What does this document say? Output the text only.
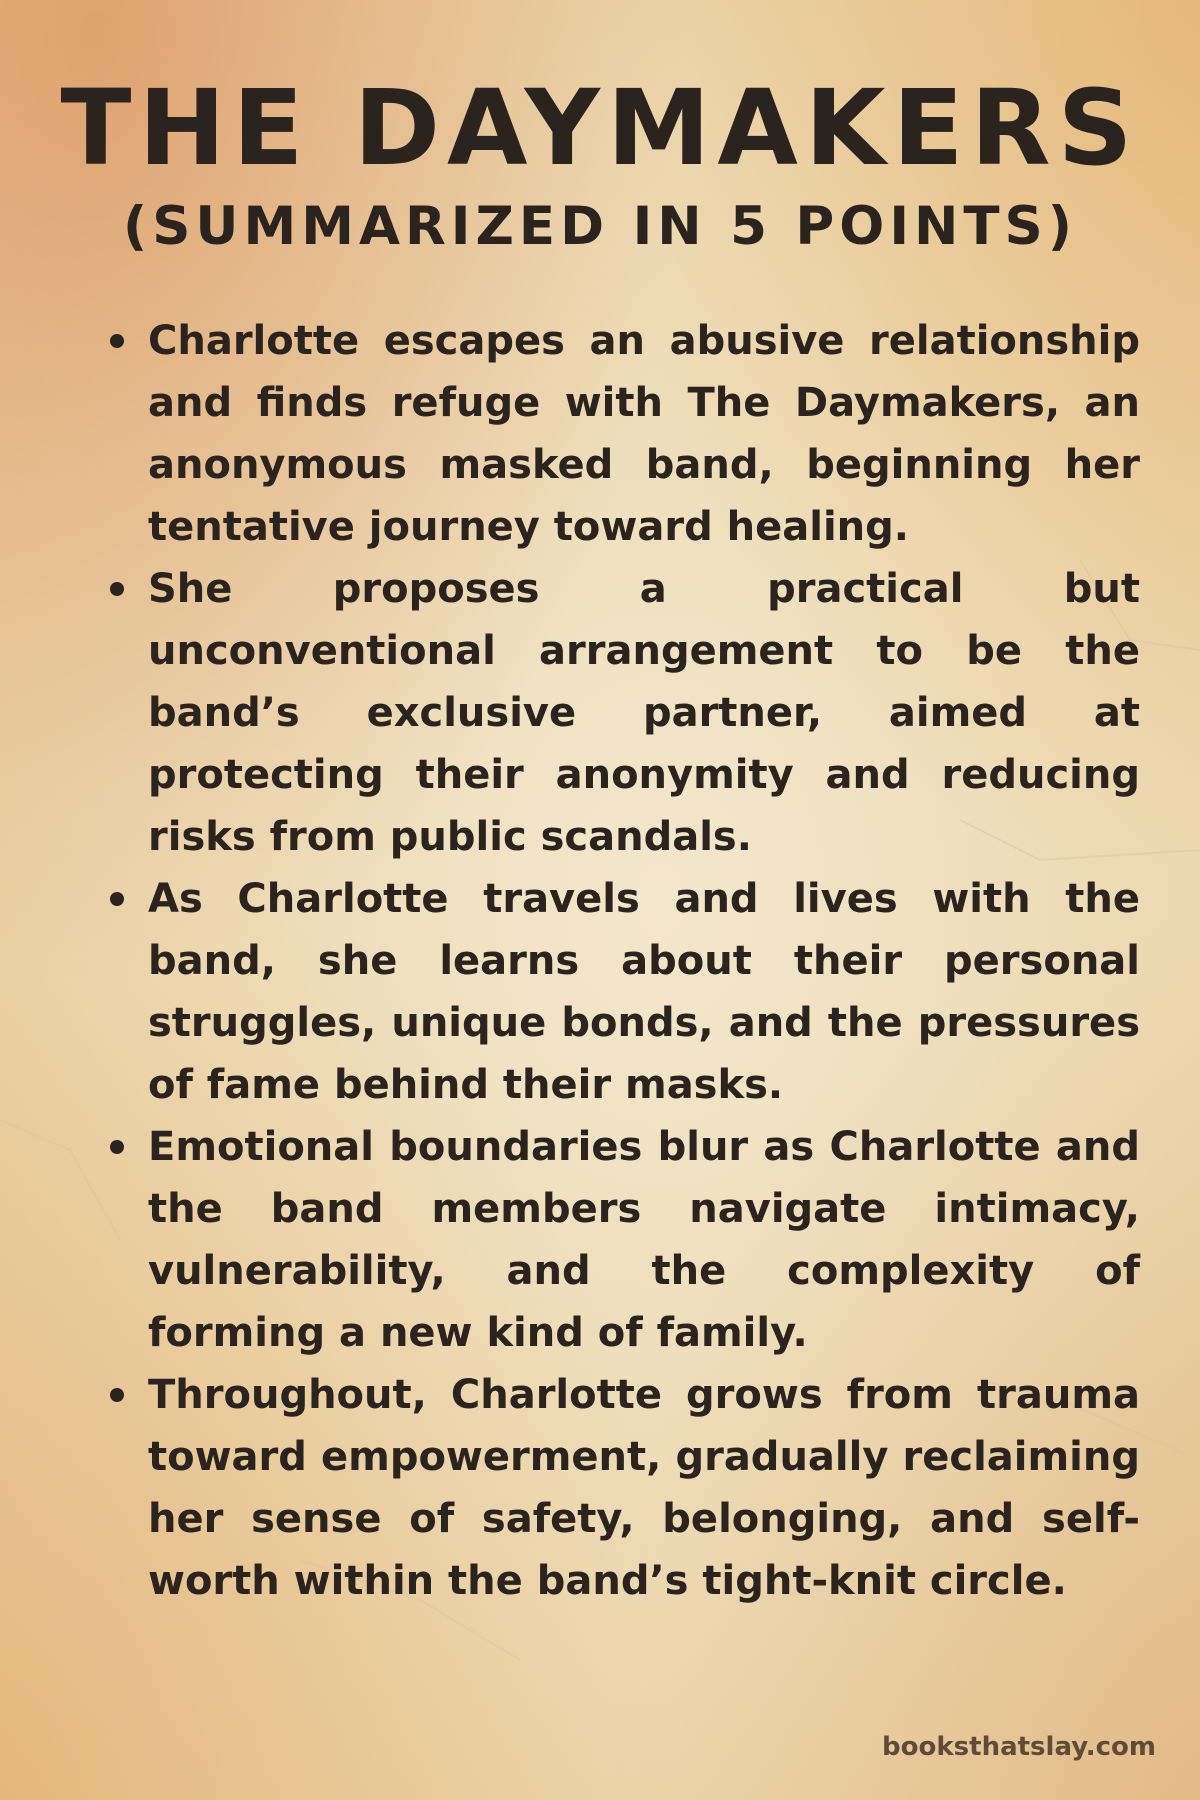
THE DAYMAKERS
(SUMMARIZED IN 5 POINTS)
Charlotte escapes an abusive relationship and finds refuge with The Daymakers, an anonymous masked band, beginning her tentative journey toward healing.
She proposes a practical but unconventional arrangement to be the band’s exclusive partner, aimed at protecting their anonymity and reducing risks from public scandals.
As Charlotte travels and lives with the band, she learns about their personal struggles, unique bonds, and the pressures of fame behind their masks.
Emotional boundaries blur as Charlotte and the band members navigate intimacy, vulnerability, and the complexity of forming a new kind of family.
Throughout, Charlotte grows from trauma toward empowerment, gradually reclaiming her sense of safety, belonging, and self-worth within the band’s tight-knit circle.

booksthatslay.com
